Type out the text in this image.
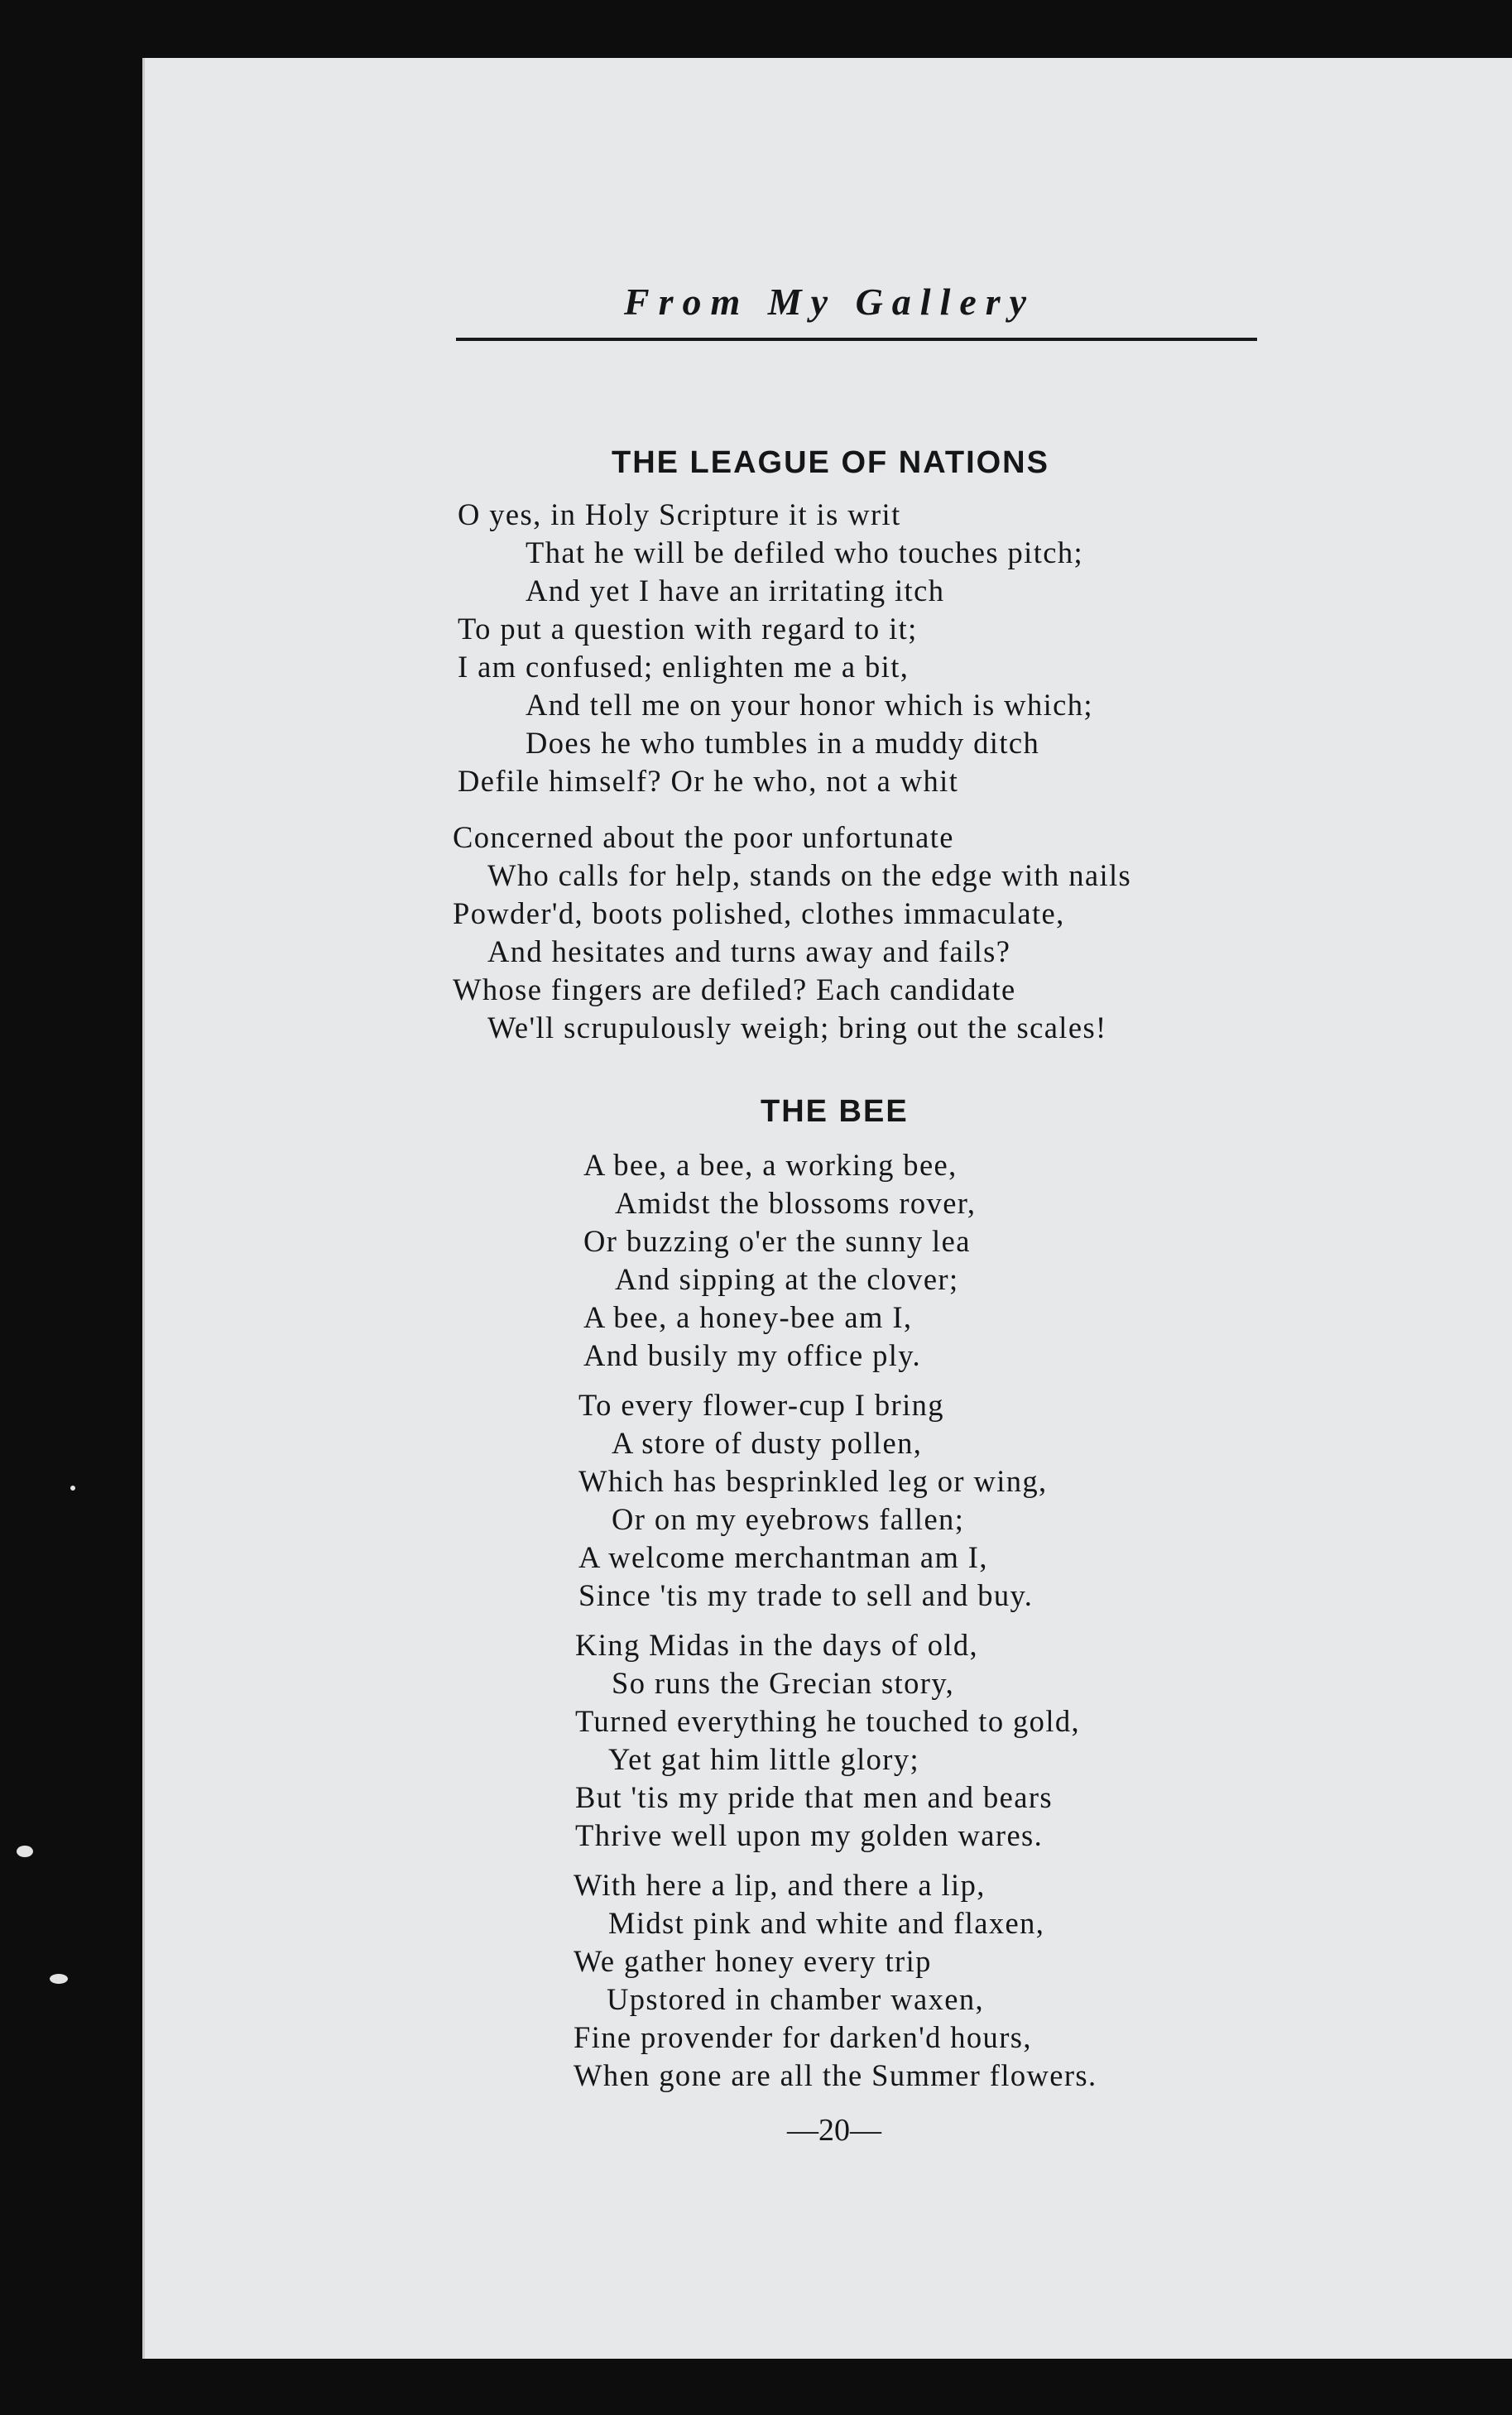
From My Gallery
THE LEAGUE OF NATIONS
O yes, in Holy Scripture it is writ
That he will be defiled who touches pitch;
And yet I have an irritating itch
To put a question with regard to it;
I am confused; enlighten me a bit,
And tell me on your honor which is which;
Does he who tumbles in a muddy ditch
Defile himself? Or he who, not a whit
Concerned about the poor unfortunate
Who calls for help, stands on the edge with nails
Powder'd, boots polished, clothes immaculate,
And hesitates and turns away and fails?
Whose fingers are defiled? Each candidate
We'll scrupulously weigh; bring out the scales!
THE BEE
A bee, a bee, a working bee,
Amidst the blossoms rover,
Or buzzing o'er the sunny lea
And sipping at the clover;
A bee, a honey-bee am I,
And busily my office ply.
To every flower-cup I bring
A store of dusty pollen,
Which has besprinkled leg or wing,
Or on my eyebrows fallen;
A welcome merchantman am I,
Since 'tis my trade to sell and buy.
King Midas in the days of old,
So runs the Grecian story,
Turned everything he touched to gold,
Yet gat him little glory;
But 'tis my pride that men and bears
Thrive well upon my golden wares.
With here a lip, and there a lip,
Midst pink and white and flaxen,
We gather honey every trip
Upstored in chamber waxen,
Fine provender for darken'd hours,
When gone are all the Summer flowers.
—20—
